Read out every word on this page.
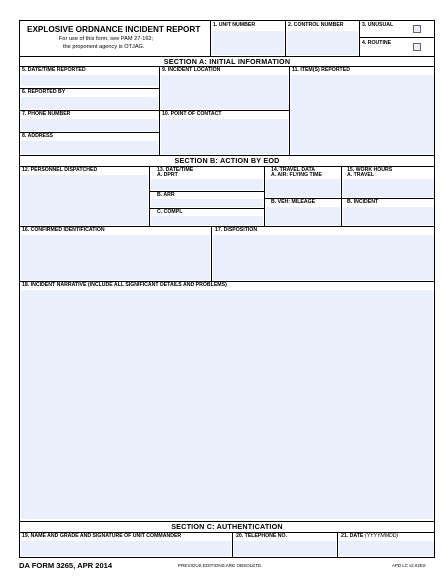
EXPLOSIVE ORDNANCE INCIDENT REPORT
For use of this form, see PAM 27-162;
the proponent agency is OTJAG.
1. UNIT NUMBER	2. CONTROL NUMBER	3. UNUSUAL
4. ROUTINE
SECTION A: INITIAL INFORMATION
5. DATE/TIME REPORTED	9. INCIDENT LOCATION	11. ITEM(S) REPORTED
6. REPORTED BY
7. PHONE NUMBER	10. POINT OF CONTACT
8. ADDRESS
SECTION B: ACTION BY EOD
12. PERSONNEL DISPATCHED	13. DATE/TIME
A. DPRT
B. ARR
C. COMPL
14. TRAVEL DATA
A. AIR: FLYING TIME
B. VEH: MILEAGE
15. WORK HOURS
A. TRAVEL
B. INCIDENT
16. CONFIRMED IDENTIFICATION	17. DISPOSITION
18. INCIDENT NARRATIVE (INCLUDE ALL SIGNIFICANT DETAILS AND PROBLEMS)
SECTION C: AUTHENTICATION
19. NAME AND GRADE AND SIGNATURE OF UNIT COMMANDER	20. TELEPHONE NO.	21. DATE (YYYYMMDD)
DA FORM 3265, APR 2014	PREVIOUS EDITIONS ARE OBSOLETE.	APD LC v2.02ES
